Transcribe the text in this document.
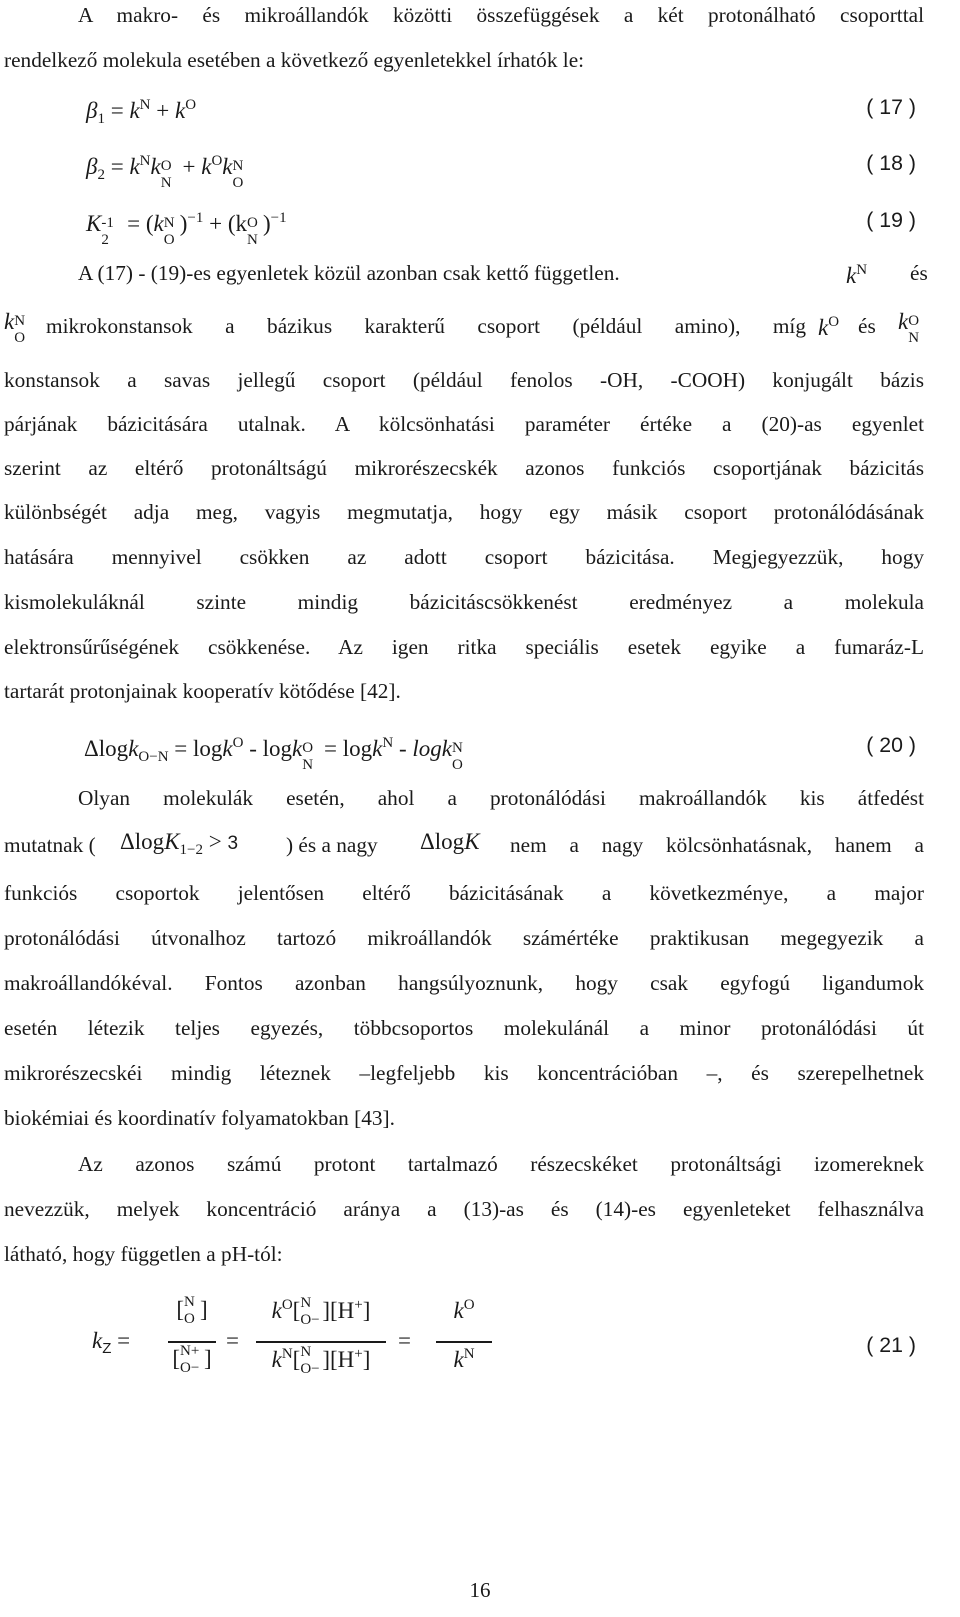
A makro- és mikroállandók közötti összefüggések a két protonálható csoporttal
rendelkező molekula esetében a következő egyenletekkel írhatók le:
$\beta_1 = k^N + k^O$	( 17 )
$\beta_2 = k^Nk$ O
N
+ $k^Ok$ N
O
( 18 )
K -1
2
= (k N
O
)$^{-1}$ + (k O
N
)$^{-1}$	( 19 )
A (17) - (19)-es egyenletek közül azonban csak kettő független.	$k^N$ és
k N
O mikrokonstansok a bázikus karakterű csoport (például amino), míg $k^O$ és k O
N
konstansok a savas jellegű csoport (például fenolos -OH, -COOH) konjugált bázis
párjának bázicitására utalnak. A kölcsönhatási paraméter értéke a (20)-as egyenlet
szerint az eltérő protonáltságú mikrorészecskék azonos funkciós csoportjának bázicitás
különbségét adja meg, vagyis megmutatja, hogy egy másik csoport protonálódásának
hatására mennyivel csökken az adott csoport bázicitása. Megjegyezzük, hogy
kismolekuláknál szinte mindig bázicitáscsökkenést eredményez a molekula
elektronsűrűségének csökkenése. Az igen ritka speciális esetek egyike a fumaráz-L
tartarát protonjainak kooperatív kötődése [42].
Δlogk$_{O-N}$ = logk$^O$ - logk O
N
= logk$^N$ - logk N
O
( 20 )
Olyan molekulák esetén, ahol a protonálódási makroállandók kis átfedést
mutatnak (	ΔlogK$_{1-2}$ > 3 ) és a nagy	ΔlogK nem a nagy kölcsönhatásnak, hanem a
funkciós csoportok jelentősen eltérő bázicitásának a következménye, a major
protonálódási útvonalhoz tartozó mikroállandók számértéke praktikusan megegyezik a
makroállandókéval. Fontos azonban hangsúlyoznunk, hogy csak egyfogú ligandumok
esetén létezik teljes egyezés, többcsoportos molekulánál a minor protonálódási út
mikrorészecskéi mindig léteznek –legfeljebb kis koncentrációban –, és szerepelhetnek
biokémiai és koordinatív folyamatokban [43].
Az azonos számú protont tartalmazó részecskéket protonáltsági izomereknek
nevezzük, melyek koncentráció aránya a (13)-as és (14)-es egyenleteket felhasználva
látható, hogy független a pH-tól:
$k_Z$ =
[ N
O ]
[ N+
O− ]
=
$k^O$[ N
O− ][H+]
$k^N$[ N
O− ][H+]
=
$k^O$
$k^N$	( 21 )
16
